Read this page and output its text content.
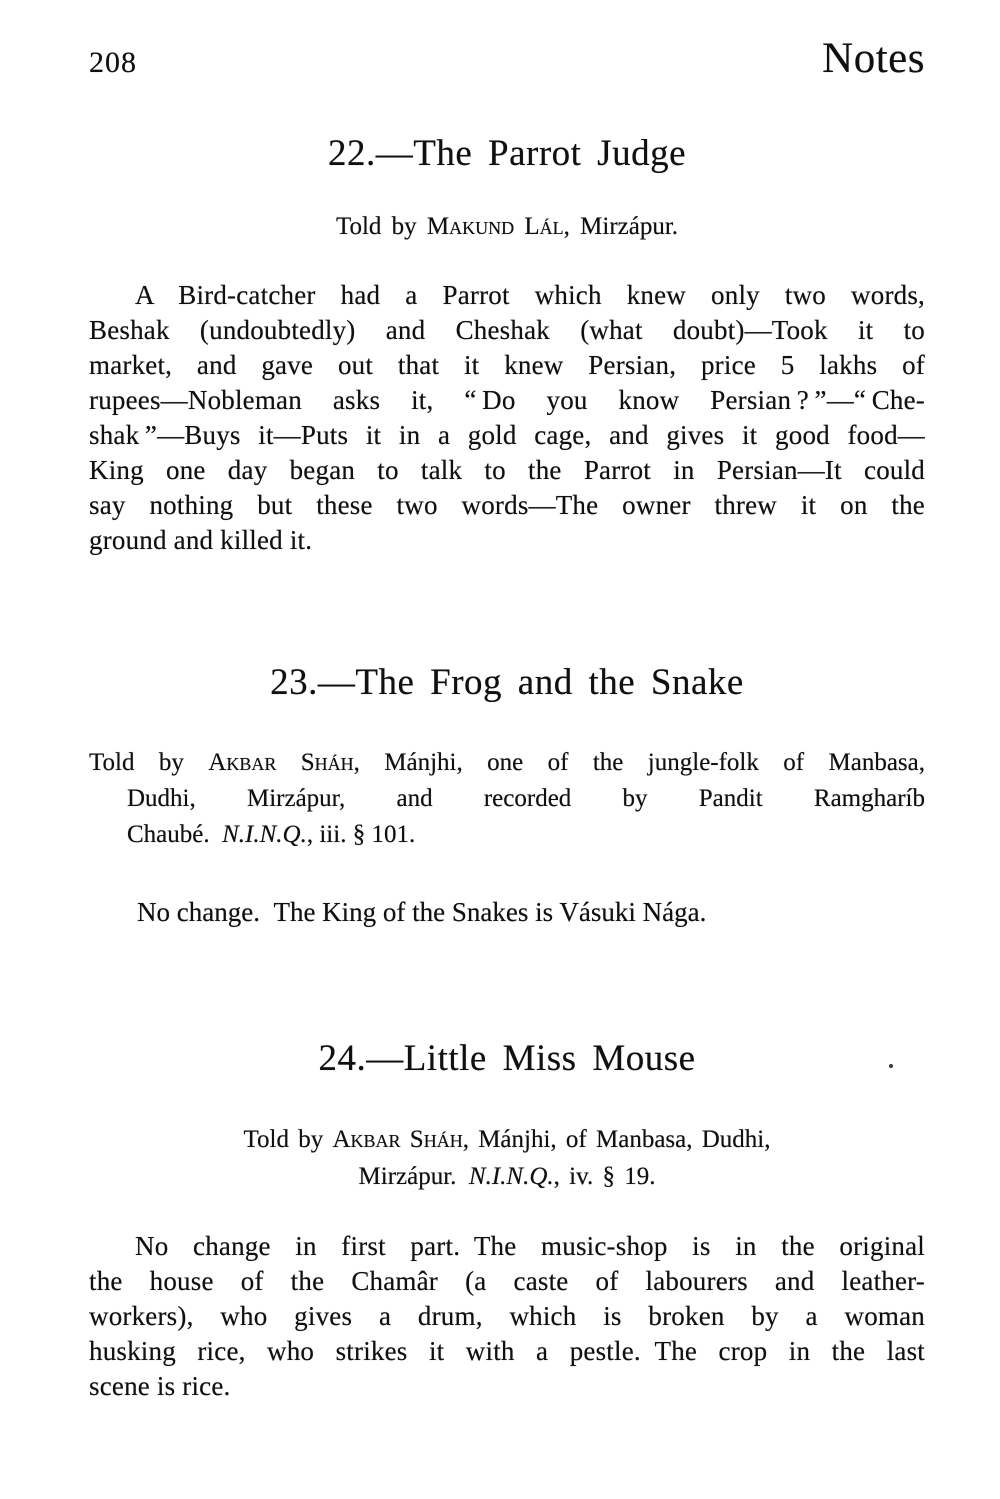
208	Notes
22.—The Parrot Judge

Told by Makund Lál, Mirzápur.

A Bird-catcher had a Parrot which knew only two words,
Beshak (undoubtedly) and Cheshak (what doubt)—Took it to
market, and gave out that it knew Persian, price 5 lakhs of
rupees—Nobleman asks it, “ Do you know Persian ? ”—“ Che-
shak ”—Buys it—Puts it in a gold cage, and gives it good food—
King one day began to talk to the Parrot in Persian—It could
say nothing but these two words—The owner threw it on the
ground and killed it.
23.—The Frog and the Snake
Told by Akbar Sháh, Mánjhi, one of the jungle-folk of Manbasa,
Dudhi, Mirzápur, and recorded by Pandit Ramgharíb
Chaubé. N.I.N.Q., iii. § 101.
No change. The King of the Snakes is Vásuki Nága.
24.—Little Miss Mouse
Told by Akbar Sháh, Mánjhi, of Manbasa, Dudhi,
Mirzápur. N.I.N.Q., iv. § 19.
No change in first part. The music-shop is in the original
the house of the Chamâr (a caste of labourers and leather-
workers), who gives a drum, which is broken by a woman
husking rice, who strikes it with a pestle. The crop in the last
scene is rice.
